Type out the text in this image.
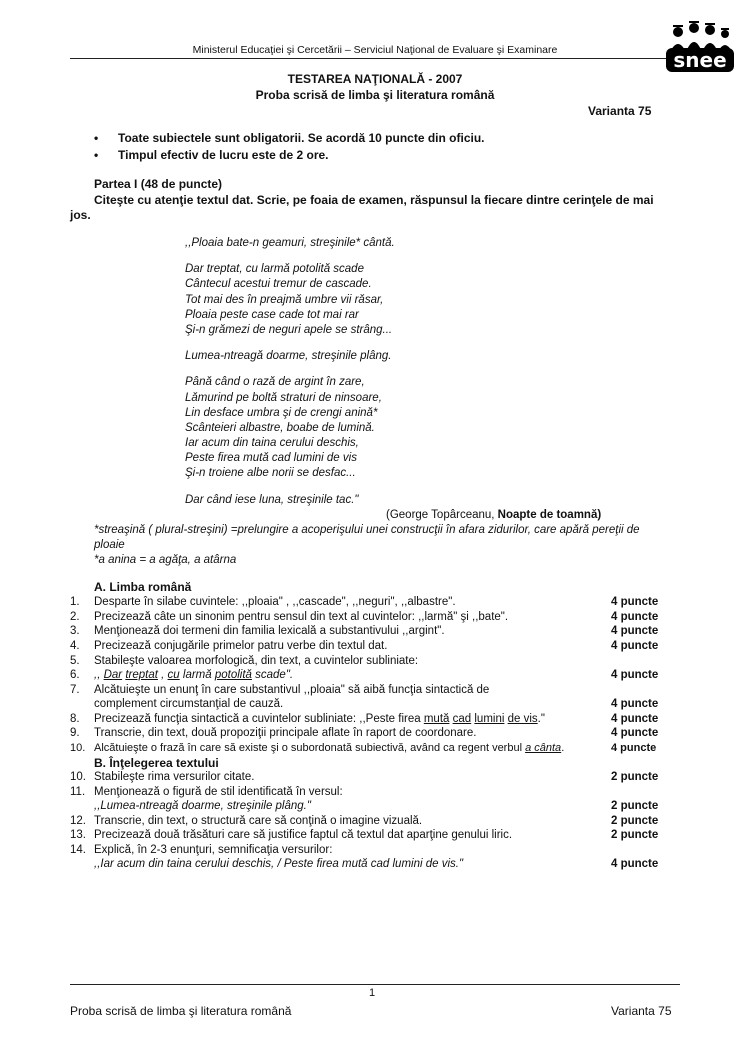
Ministerul Educaţiei şi Cercetării – Serviciul Naţional de Evaluare şi Examinare	snee
TESTAREA NAŢIONALĂ - 2007
Proba scrisă de limba şi literatura română
Varianta 75
• Toate subiectele sunt obligatorii. Se acordă 10 puncte din oficiu.
• Timpul efectiv de lucru este de 2 ore.
Partea I (48 de puncte)
Citeşte cu atenţie textul dat. Scrie, pe foaia de examen, răspunsul la fiecare dintre cerinţele de mai
jos.
,,Ploaia bate-n geamuri, streşinile* cântă.
Dar treptat, cu larmă potolită scade
Cântecul acestui tremur de cascade.
Tot mai des în preajmă umbre vii răsar,
Ploaia peste case cade tot mai rar
Şi-n grămezi de neguri apele se strâng...
Lumea-ntreagă doarme, streşinile plâng.
Până când o rază de argint în zare,
Lămurind pe boltă straturi de ninsoare,
Lin desface umbra şi de crengi anină*
Scânteieri albastre, boabe de lumină.
Iar acum din taina cerului deschis,
Peste firea mută cad lumini de vis
Şi-n troiene albe norii se desfac...
Dar când iese luna, streşinile tac."
(George Topârceanu, Noapte de toamnă)
*streaşină ( plural-streşini) =prelungire a acoperişului unei construcţii în afara zidurilor, care apără pereţii de
ploaie
*a anina = a agăţa, a atârna
A. Limba română
1.	Desparte în silabe cuvintele: ,,ploaia" , ,,cascade", ,,neguri", ,,albastre".	4 puncte
2.	Precizează câte un sinonim pentru sensul din text al cuvintelor: ,,larmă" şi ,,bate".	4 puncte
3.	Menţionează doi termeni din familia lexicală a substantivului ,,argint".	4 puncte
4.	Precizează conjugările primelor patru verbe din textul dat.	4 puncte
5.	Stabileşte valoarea morfologică, din text, a cuvintelor subliniate:
6.	,, Dar treptat , cu larmă potolită scade".	4 puncte
7.	Alcătuieşte un enunţ în care substantivul ,,ploaia" să aibă funcţia sintactică de
complement circumstanţial de cauză.	4 puncte
8.	Precizează funcţia sintactică a cuvintelor subliniate: ,,Peste firea mută cad lumini de vis."	4 puncte
9.	Transcrie, din text, două propoziţii principale aflate în raport de coordonare.	4 puncte
10. Alcătuieşte o frază în care să existe şi o subordonată subiectivă, având ca regent verbul a cânta.	4 puncte
B. Înţelegerea textului
10. Stabileşte rima versurilor citate.	2 puncte
11. Menţionează o figură de stil identificată în versul:
,,Lumea-ntreagă doarme, streşinile plâng."	2 puncte
12. Transcrie, din text, o structură care să conţină o imagine vizuală.	2 puncte
13. Precizează două trăsături care să justifice faptul că textul dat aparţine genului liric.	2 puncte
14. Explică, în 2-3 enunţuri, semnificaţia versurilor:
,,Iar acum din taina cerului deschis, / Peste firea mută cad lumini de vis."	4 puncte
1
Proba scrisă de limba şi literatura română	Varianta 75
